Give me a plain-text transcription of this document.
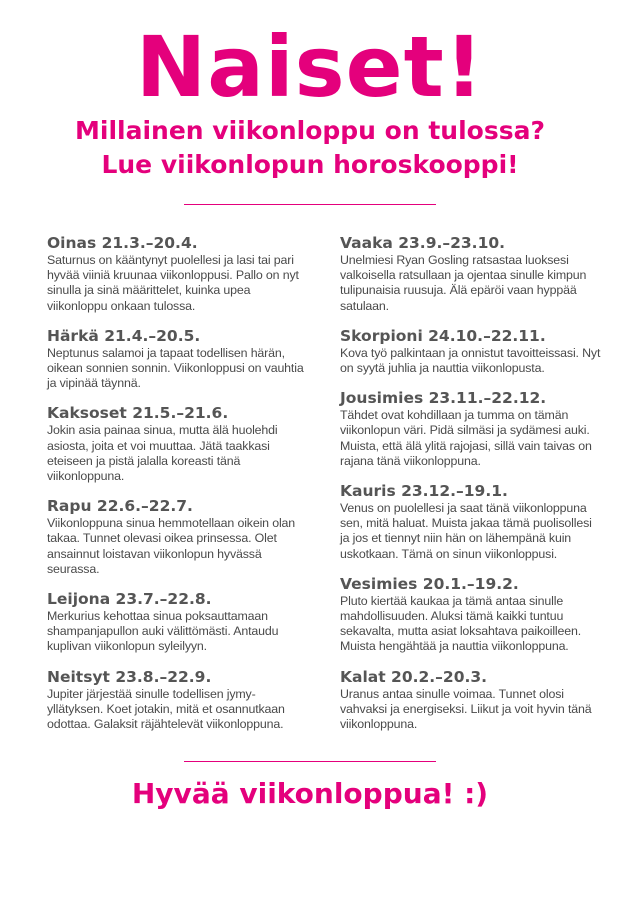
Naiset!
Millainen viikonloppu on tulossa?
Lue viikonlopun horoskooppi!

Oinas 21.3.–20.4.

Saturnus on kääntynyt puolellesi ja lasi tai pari hyvää viiniä kruunaa viikonloppusi. Pallo on nyt sinulla ja sinä määrittelet, kuinka upea viikonloppu onkaan tulossa.

Härkä 21.4.–20.5.

Neptunus salamoi ja tapaat todellisen härän, oikean sonnien sonnin. Viikonloppusi on vauhtia ja vipinää täynnä.

Kaksoset 21.5.–21.6.

Jokin asia painaa sinua, mutta älä huolehdi asiosta, joita et voi muuttaa. Jätä taakkasi eteiseen ja pistä jalalla koreasti tänä viikonloppuna.

Rapu 22.6.–22.7.

Viikonloppuna sinua hemmotellaan oikein olan takaa. Tunnet olevasi oikea prinsessa. Olet ansainnut loistavan viikonlopun hyvässä seurassa.

Leijona 23.7.–22.8.

Merkurius kehottaa sinua poksauttamaan shampanjapullon auki välittömästi. Antaudu kuplivan viikonlopun syleilyyn.

Neitsyt 23.8.–22.9.

Jupiter järjestää sinulle todellisen jymy-yllätyksen. Koet jotakin, mitä et osannutkaan odottaa. Galaksit räjähtelevät viikonloppuna.

Vaaka 23.9.–23.10.

Unelmiesi Ryan Gosling ratsastaa luoksesi valkoisella ratsullaan ja ojentaa sinulle kimpun tulipunaisia ruusuja. Älä epäröi vaan hyppää satulaan.

Skorpioni 24.10.–22.11.

Kova työ palkintaan ja onnistut tavoitteissasi. Nyt on syytä juhlia ja nauttia viikonlopusta.

Jousimies 23.11.–22.12.

Tähdet ovat kohdillaan ja tumma on tämän viikonlopun väri. Pidä silmäsi ja sydämesi auki. Muista, että älä ylitä rajojasi, sillä vain taivas on rajana tänä viikonloppuna.

Kauris 23.12.–19.1.

Venus on puolellesi ja saat tänä viikonloppuna sen, mitä haluat. Muista jakaa tämä puolisollesi ja jos et tiennyt niin hän on lähempänä kuin uskotkaan. Tämä on sinun viikonloppusi.

Vesimies 20.1.–19.2.

Pluto kiertää kaukaa ja tämä antaa sinulle mahdollisuuden. Aluksi tämä kaikki tuntuu sekavalta, mutta asiat loksahtava paikoilleen. Muista hengähtää ja nauttia viikonloppuna.

Kalat 20.2.–20.3.

Uranus antaa sinulle voimaa. Tunnet olosi vahvaksi ja energiseksi. Liikut ja voit hyvin tänä viikonloppuna.

Hyvää viikonloppua! :)
